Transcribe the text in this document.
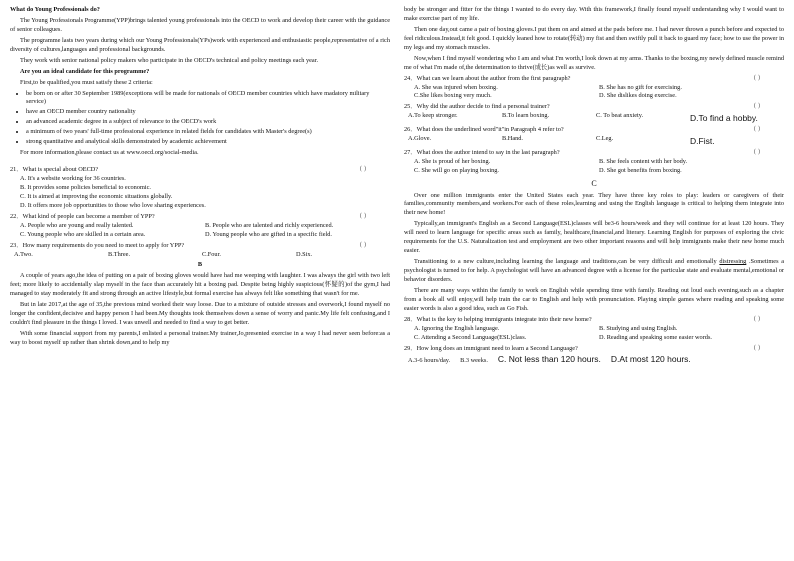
What do Young Professionals do?

The Young Professionals Programme(YPP)brings talented young professionals into the OECD to work and develop their career with the guidance of senior colleagues.

The programme lasts two years during which our Young Professionals(YPs)work with experienced and enthusiastic people,representative of a rich diversity of cultures,languages and professional backgrounds.

They work with senior national policy makers who participate in the OECD's technical and policy meetings each year.

Are you an ideal candidate for this programme?

First,to be qualified,you must satisfy these 2 criteria:

• be born on or after 30 September 1989(exceptions will be made for nationals of OECD member countries which have madatory military service)
• have an OECD member country nationality
• an advanced academic degree in a subject of relevance to the OECD's work
• a minimum of two years' full-time professional experience in related fields for candidates with Master's degree(s)
• strong quantitative and analytical skills demonstrated by academic achievement

For more information,please contact us at www.oecd.org/social-media.

21．What is special about OECD?	（ ）
A. It's a website working for 36 countries.
B. It provides some policies beneficial to economic.
C. It is aimed at improving the economic situations globally.
D. It offers more job opportunities to those who love sharing experiences.
22．What kind of people can become a member of YPP?	（ ）
A. People who are young and really talented.	B. People who are talented and richly experienced.
C. Young people who are skilled in a certain area.	D. Young people who are gifted in a specific field.
23．How many requirements do you need to meet to apply for YPP?	（ ）
A.Two.	B.Three.	C.Four.	D.Six.
B

A couple of years ago,the idea of putting on a pair of boxing gloves would have had me weeping with laughter. I was always the girl with two left feet; more likely to accidentally slap myself in the face than accurately hit a boxing pad. Despite being highly suspicious(怀疑的)of the gym,I had managed to stay moderately fit and strong through an active lifestyle,but formal exercise has always felt like something that wasn't for me.

But in late 2017,at the age of 35,the previous mind worked their way loose. Due to a mixture of outside stresses and overwork,I found myself no longer the confident,decisive and happy person I had been.My thoughts took themselves down a sense of worry and panic.My life felt confusing,and I couldn't find pleasure in the things I loved. I was unwell and needed to find a way to get better.

With some financial support from my parents,I enlisted a personal trainer.My trainer,Jo,presented exercise in a way I had never seen before:as a way to boost myself up rather than shrink down,and to help my

body be stronger and fitter for the things I wanted to do every day. With this framework,I finally found myself understanding why I would want to make exercise part of my life.

Then one day,out came a pair of boxing gloves.I put them on and aimed at the pads before me. I had never thrown a punch before and expected to feel ridiculous.Instead,it felt good. I quickly leaned how to rotate(转动) my fist and then swiftly pull it back to guard my face; how to use the power in my legs and my stomach muscles.

Now,when I find myself wondering who I am and what I'm worth,I look down at my arms. Thanks to the boxing,my newly defined muscle remind me of what I'm made of,the determination to thrive(成长)as well as survive.

24．What can we learn about the author from the first paragraph?	（ ）
A. She was injured when boxing.	B. She has no gift for exercising.
C.She likes boxing very much.	D. She dislikes doing exercise.
25．Why did the author decide to find a personal trainer?	（ ）
A.To keep stronger.	B.To learn boxing.	C. To beat anxiety.	D.To find a hobby.
26．What does the underlined word"it"in Paragraph 4 refer to?	（ ）
A.Glove.	B.Hand.	C.Leg.	D.Fist.
27．What does the author intend to say in the last paragraph?	（ ）
A. She is proud of her boxing.	B. She feels content with her body.
C. She will go on playing boxing.	D. She got benefits from boxing.
C

Over one million immigrants enter the United States each year. They have three key roles to play: leaders or caregivers of their families,community members,and workers.For each of these roles,learning and using the English language is critical to helping them integrate into their new home!

Typically,an immigrant's English as a Second Language(ESL)classes will be3-6 hours/week and they will continue for at least 120 hours. They will need to learn language for specific areas such as family, healthcare,financial,and literary. Learning English for purposes of exploring the civic requirements for the U.S. Naturalization test and employment are two other important reasons and will help immigrants make their new home much easier.

Transitioning to a new culture,including learning the language and traditions,can be very difficult and emotionally distressing .Sometimes a psychologist is turned to for help. A psychologist will have an advanced degree with a license for the particular state and evaluate mental,emotional or behavior disorders.

There are many ways within the family to work on English while spending time with family. Reading out loud each evening,such as a chapter from a book all will enjoy,will help train the car to English and help with pronunciation. Playing simple games where reading and speaking some easier words is also a good idea, such as Go Fish.

28．What is the key to helping immigrants integrate into their new home?	（ ）
A. Ignoring the English language.	B. Studying and using English.
C. Attending a Second Language(ESL)class.	D. Reading and speaking some easier words.
29．How long does an immigrant need to learn a Second Language?	（ ）
A.3-6 hours/day. B.3 weeks. C. Not less than 120 hours. D.At most 120 hours.
